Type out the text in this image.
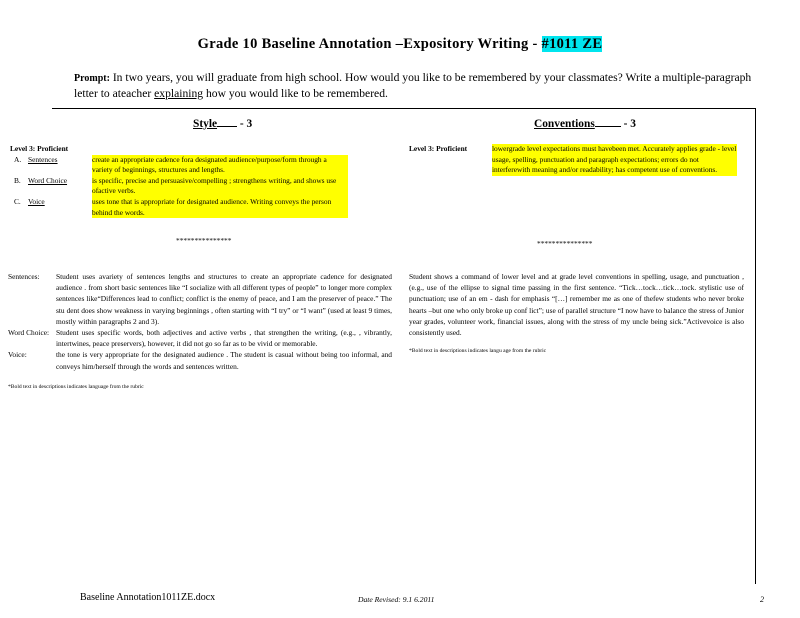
Grade 10 Baseline Annotation –Expository Writing - #1011 ZE
Prompt: In two years, you will graduate from high school. How would you like to be remembered by your classmates? Write a multiple-paragraph letter to ateacher explaining how you would like to be remembered.
Style - 3	Conventions	- 3
Level 3: Proficient
A. Sentences	create an appropriate cadence fora designated audience/purpose/form through a variety of beginnings, structures and lengths.
B. Word Choice	is specific, precise and persuasive/compelling ; strengthens writing, and shows use ofactive verbs.
C. Voice	uses tone that is appropriate for designated audience. Writing conveys the person behind the words.
***************
Level 3: Proficient	lowergrade level expectations must havebeen met. Accurately applies grade - level usage, spelling, punctuation and paragraph expectations; errors do not interferewith meaning and/or readability; has competent use of conventions.
***************
Sentences:	Student uses avariety of sentences lengths and structures to create an appropriate cadence for designated audience . from short basic sentences like “I socialize with all different types of people” to longer more complex sentences like“Differences lead to conflict; conflict is the enemy of peace, and I am the preserver of peace.” The stu dent does show weakness in varying beginnings , often starting with “I try” or “I want” (used at least 9 times, mostly within paragraphs 2 and 3).
Word Choice: Student uses specific words, both adjectives and active verbs , that strengthen the writing, (e.g., , vibrantly, intertwines, peace preservers), however, it did not go so far as to be vivid or memorable.
Voice:	the tone is very appropriate for the designated audience . The student is casual without being too informal, and conveys him/herself through the words and sentences written.
*Bold text in descriptions indicates language from the rubric
Student shows a command of lower level and at grade level conventions in spelling, usage, and punctuation , (e.g., use of the ellipse to signal time passing in the first sentence. “Tick…tock…tick…tock. stylistic use of punctuation; use of an em - dash for emphasis “[…] remember me as one of thefew students who never broke hearts –but one who only broke up conf lict”; use of parallel structure “I now have to balance the stress of Junior year grades, volunteer work, financial issues, along with the stress of my uncle being sick.”Activevoice is also consistently used.
*Bold text in descriptions indicates langu age from the rubric
Baseline Annotation1011ZE.docx	Date Revised: 9.1 6.2011	2
